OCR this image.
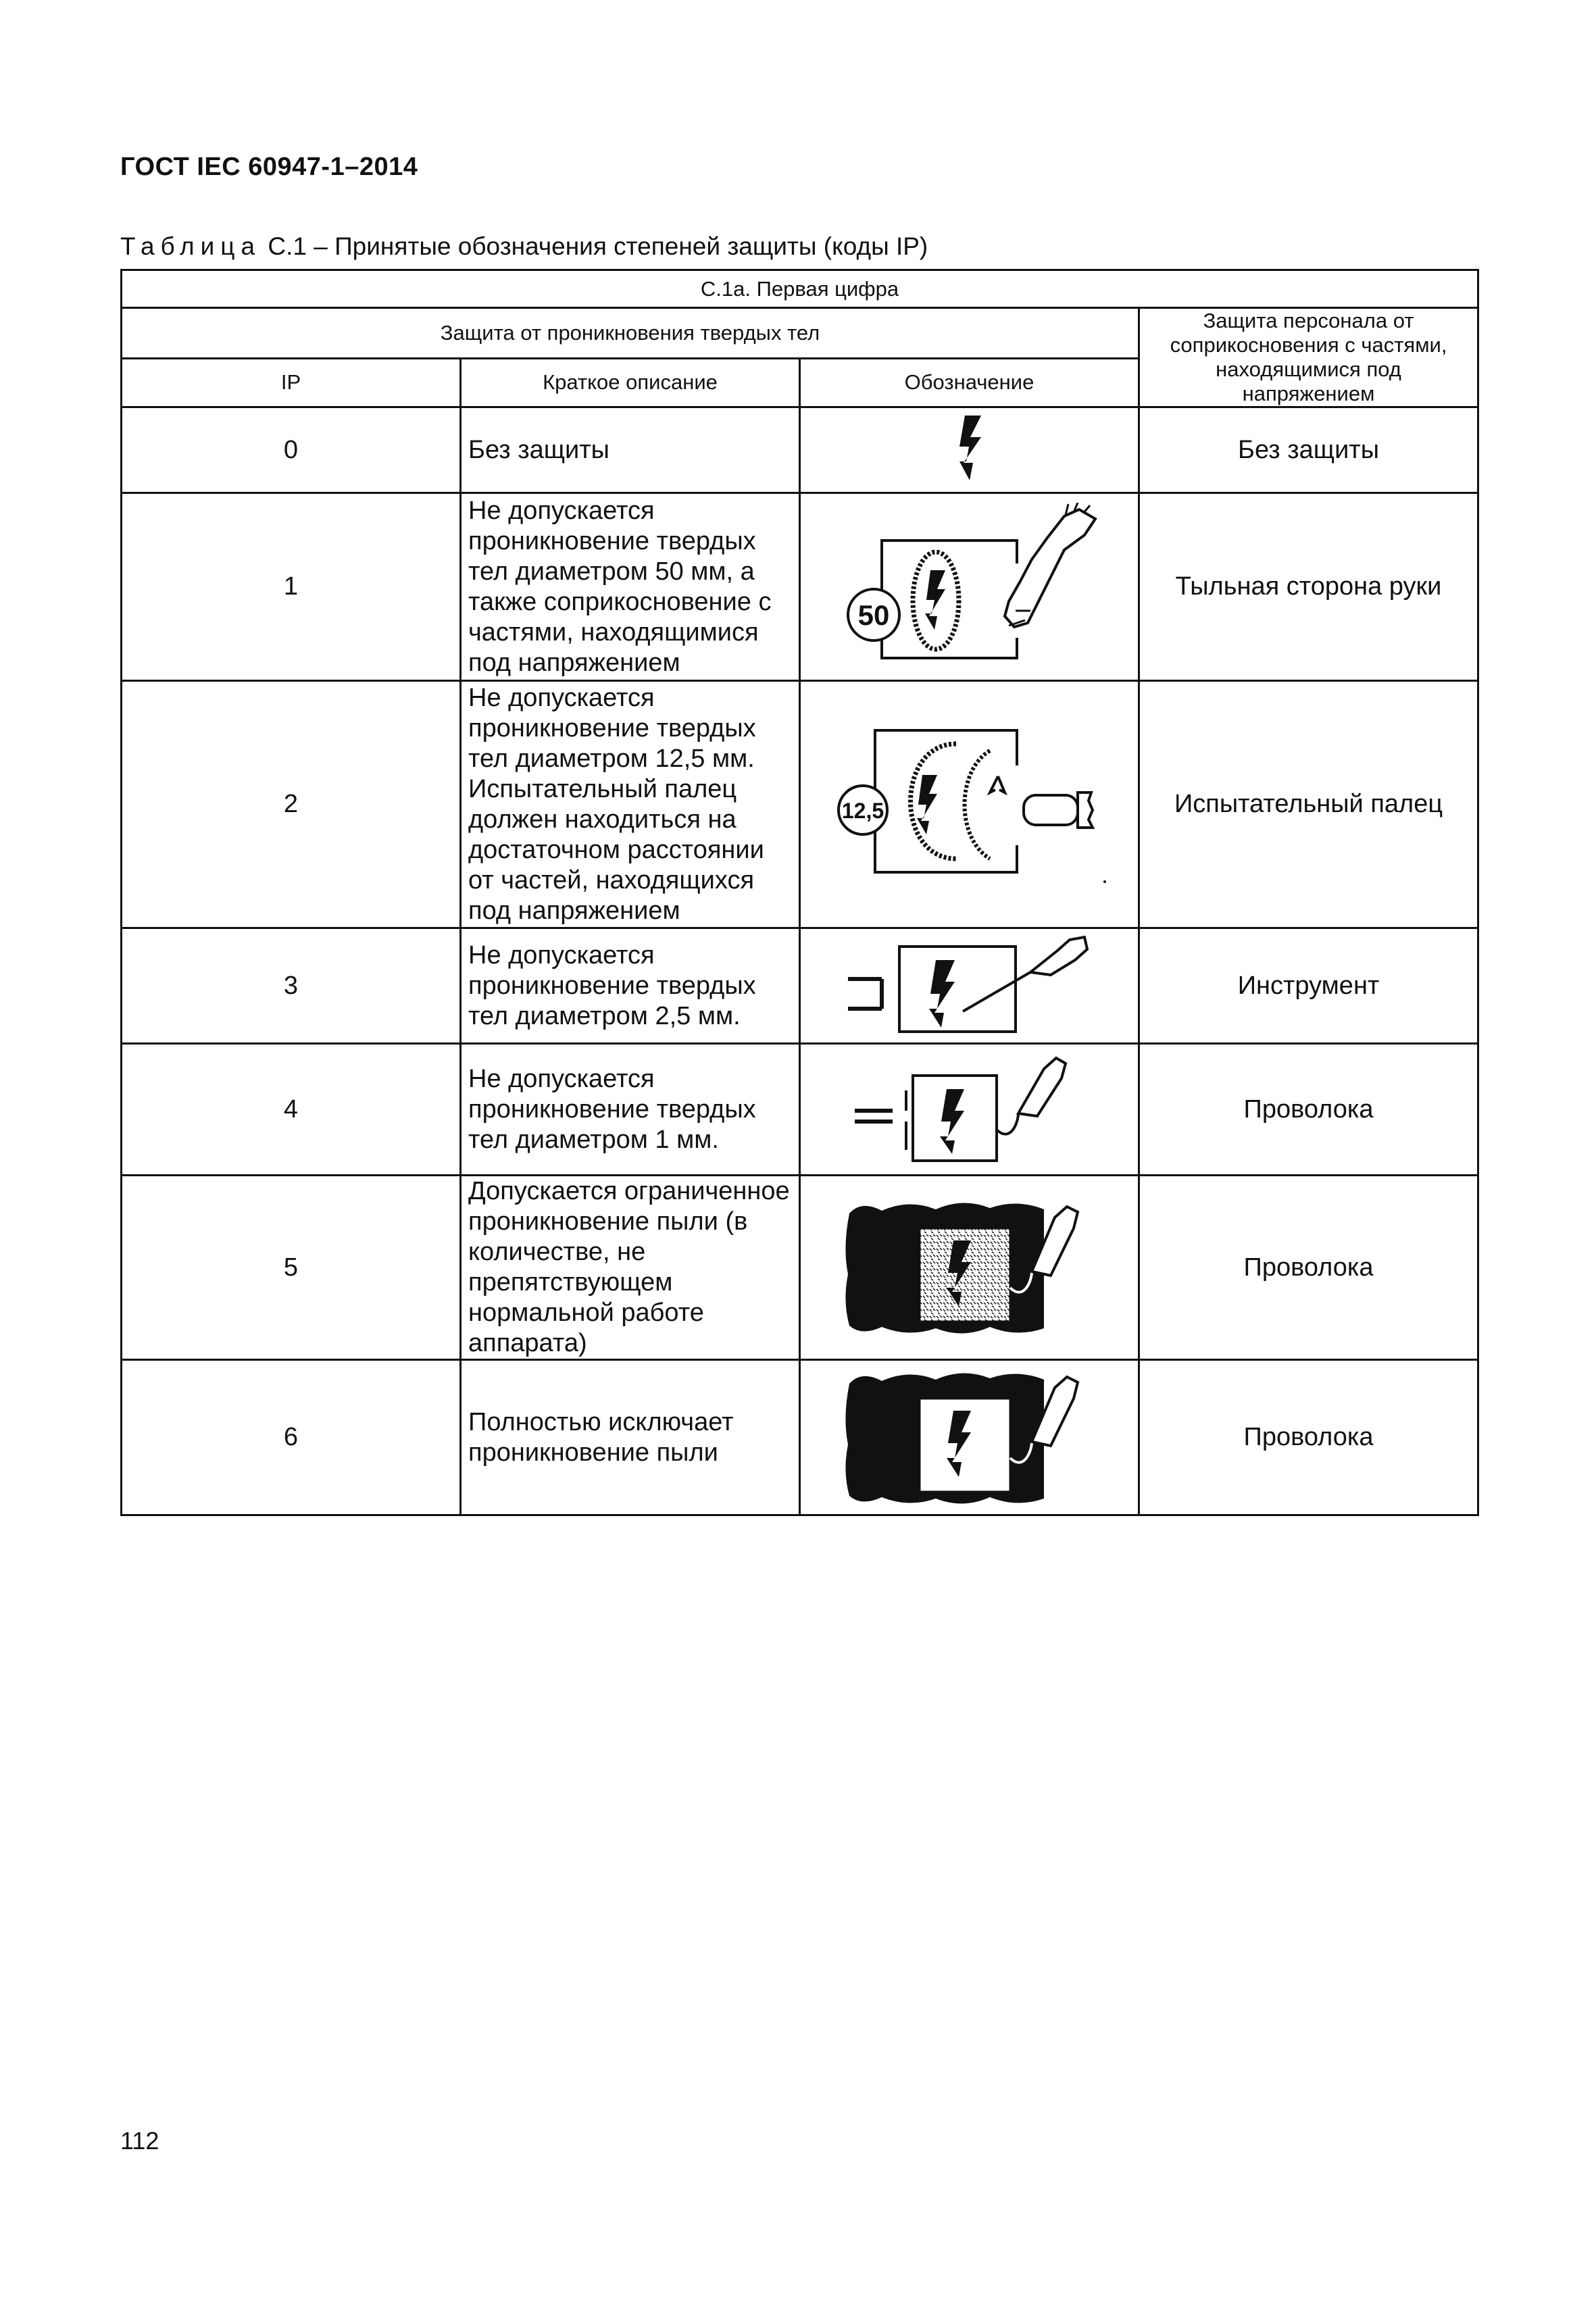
ГОСТ IEC 60947-1–2014
Таблица С.1 – Принятые обозначения степеней защиты (коды IP)
С.1а. Первая цифра			
Защита от проникновения твердых тел			Защита персонала от соприкосновения с частями, находящимися под напряжением
IP	Краткое описание	Обозначение	
0	Без защиты		Без защиты
1	Не допускается проникновение твердых тел диаметром 50 мм, а также соприкосновение с частями, находящимися под напряжением	50	Тыльная сторона руки
2	Не допускается проникновение твердых тел диаметром 12,5 мм. Испытательный палец должен находиться на достаточном расстоянии от частей, находящихся под напряжением	12,5	Испытательный палец
3	Не допускается проникновение твердых тел диаметром 2,5 мм.		Инструмент
4	Не допускается проникновение твердых тел диаметром 1 мм.		Проволока
5	Допускается ограниченное проникновение пыли (в количестве, не препятствующем нормальной работе аппарата)		Проволока
6	Полностью исключает проникновение пыли		Проволока
112
